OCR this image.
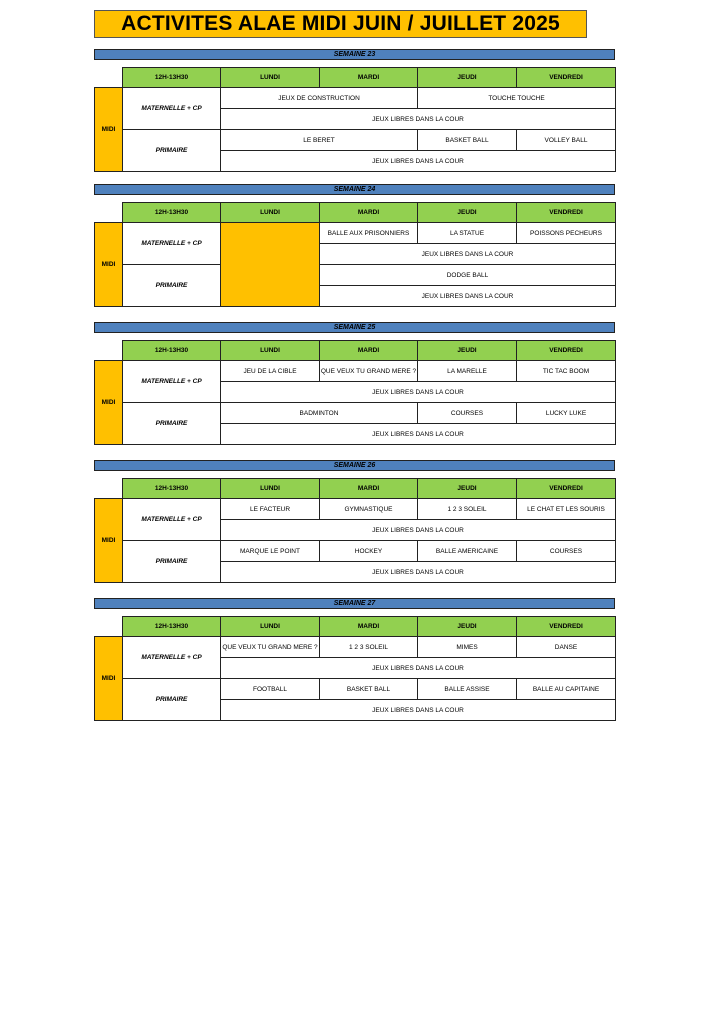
ACTIVITES ALAE MIDI JUIN / JUILLET 2025
SEMAINE 23
	12H-13H30	LUNDI	MARDI	JEUDI	VENDREDI
MIDI	MATERNELLE + CP	JEUX DE CONSTRUCTION		TOUCHE TOUCHE	
		JEUX LIBRES DANS LA COUR			
	PRIMAIRE	LE BERET		BASKET BALL	VOLLEY BALL
		JEUX LIBRES DANS LA COUR			
SEMAINE 24
	12H-13H30	LUNDI	MARDI	JEUDI	VENDREDI
MIDI	MATERNELLE + CP		BALLE AUX PRISONNIERS	LA STATUE	POISSONS PECHEURS
			JEUX LIBRES DANS LA COUR		
	PRIMAIRE		DODGE BALL		
			JEUX LIBRES DANS LA COUR		
SEMAINE 25
	12H-13H30	LUNDI	MARDI	JEUDI	VENDREDI
MIDI	MATERNELLE + CP	JEU DE LA CIBLE	QUE VEUX TU GRAND MERE ?	LA MARELLE	TIC TAC BOOM
		JEUX LIBRES DANS LA COUR			
	PRIMAIRE	BADMINTON		COURSES	LUCKY LUKE
		JEUX LIBRES DANS LA COUR			
SEMAINE 26
	12H-13H30	LUNDI	MARDI	JEUDI	VENDREDI
MIDI	MATERNELLE + CP	LE FACTEUR	GYMNASTIQUE	1 2 3 SOLEIL	LE CHAT ET LES SOURIS
		JEUX LIBRES DANS LA COUR			
	PRIMAIRE	MARQUE LE POINT	HOCKEY	BALLE AMERICAINE	COURSES
		JEUX LIBRES DANS LA COUR			
SEMAINE 27
	12H-13H30	LUNDI	MARDI	JEUDI	VENDREDI
MIDI	MATERNELLE + CP	QUE VEUX TU GRAND MERE ?	1 2 3 SOLEIL	MIMES	DANSE
		JEUX LIBRES DANS LA COUR			
	PRIMAIRE	FOOTBALL	BASKET BALL	BALLE ASSISE	BALLE AU CAPITAINE
		JEUX LIBRES DANS LA COUR			
